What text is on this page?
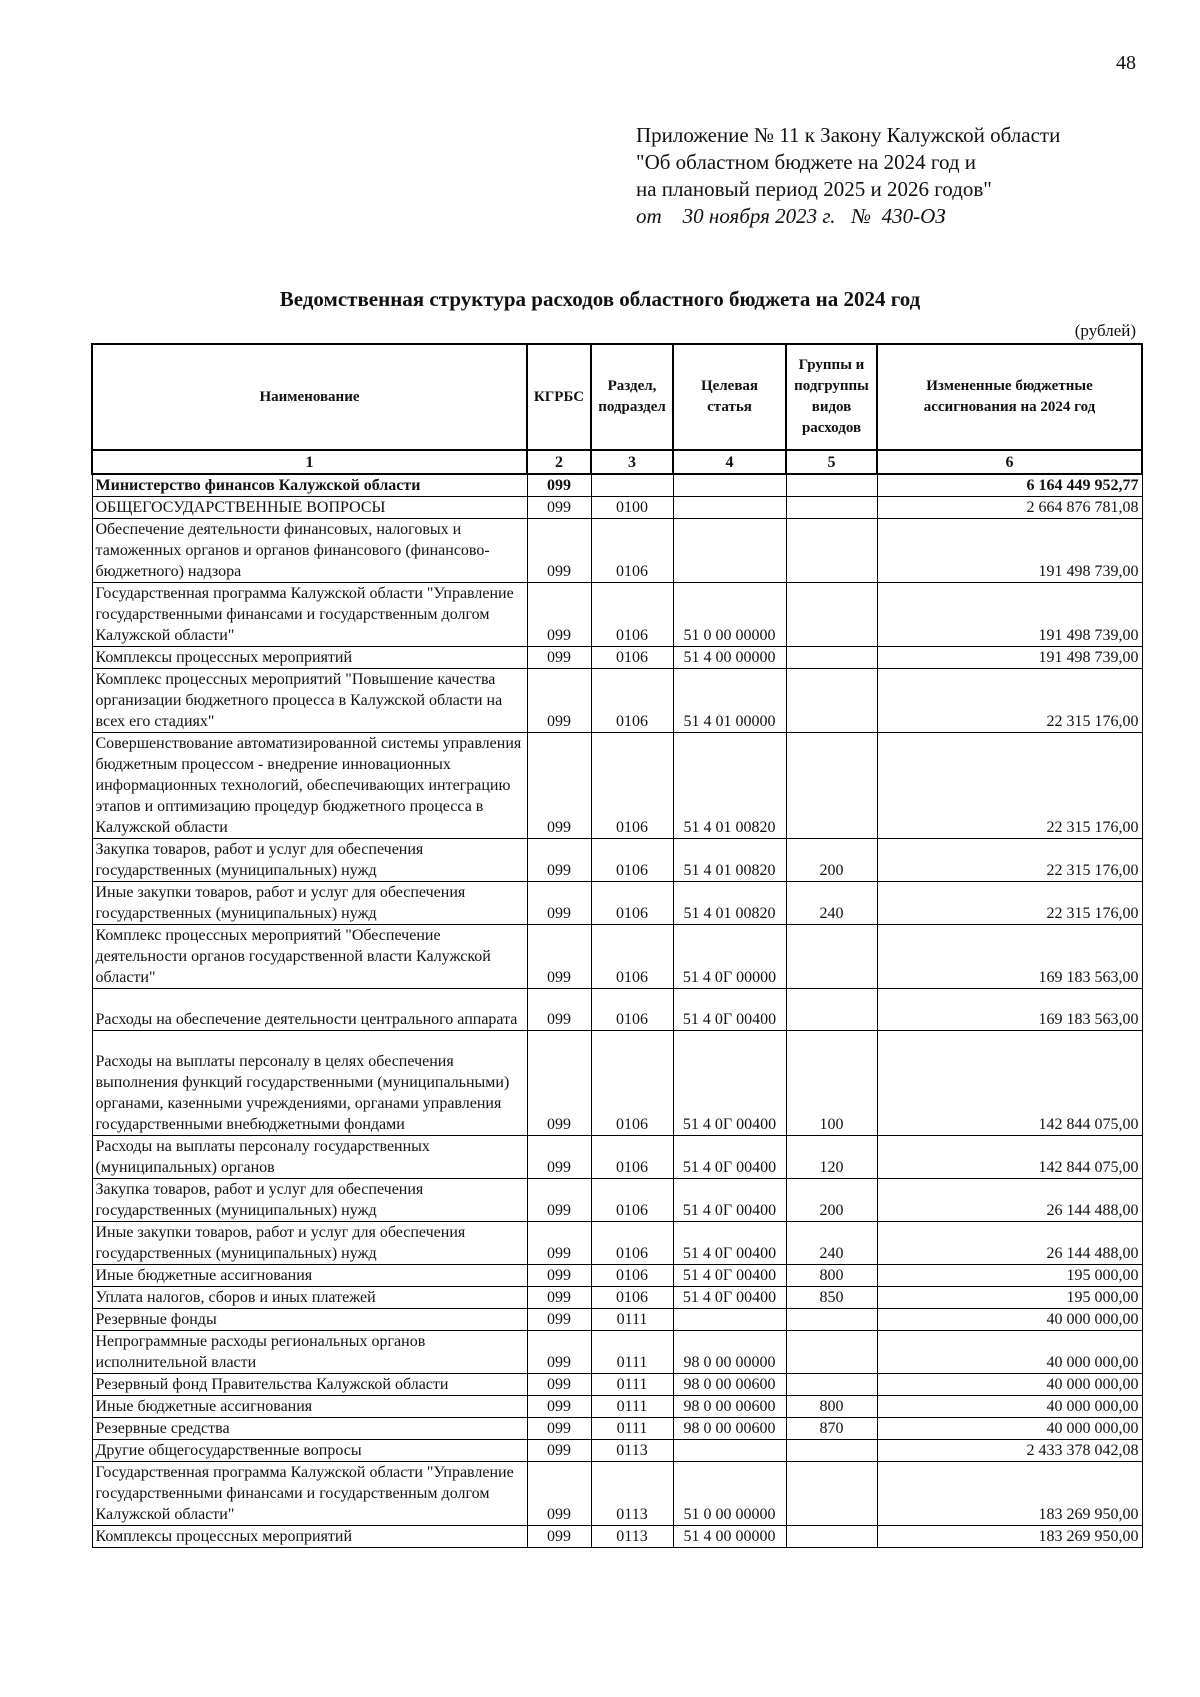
48
Приложение № 11 к Закону Калужской области
"Об областном бюджете на 2024 год и
на плановый период 2025 и 2026 годов"
от    30 ноября 2023 г.   №  430-ОЗ
Ведомственная структура расходов областного бюджета на 2024 год
(рублей)
Наименование	КГРБС	Раздел, подраздел	Целевая статья	Группы и подгруппы видов расходов	Измененные бюджетные ассигнования на 2024 год
1	2	3	4	5	6
Министерство финансов Калужской области	099				6 164 449 952,77
ОБЩЕГОСУДАРСТВЕННЫЕ ВОПРОСЫ	099	0100			2 664 876 781,08
Обеспечение деятельности финансовых, налоговых и таможенных органов и органов финансового (финансово-бюджетного) надзора	099	0106			191 498 739,00
Государственная программа Калужской области "Управление государственными финансами и государственным долгом Калужской области"	099	0106	51 0 00 00000		191 498 739,00
Комплексы процессных мероприятий	099	0106	51 4 00 00000		191 498 739,00
Комплекс процессных мероприятий "Повышение качества организации бюджетного процесса в Калужской области на всех его стадиях"	099	0106	51 4 01 00000		22 315 176,00
Совершенствование автоматизированной системы управления бюджетным процессом - внедрение инновационных информационных технологий, обеспечивающих интеграцию этапов и оптимизацию процедур бюджетного процесса в Калужской области	099	0106	51 4 01 00820		22 315 176,00
Закупка товаров, работ и услуг для обеспечения государственных (муниципальных) нужд	099	0106	51 4 01 00820	200	22 315 176,00
Иные закупки товаров, работ и услуг для обеспечения государственных (муниципальных) нужд	099	0106	51 4 01 00820	240	22 315 176,00
Комплекс процессных мероприятий "Обеспечение деятельности органов государственной власти Калужской области"	099	0106	51 4 0Г 00000		169 183 563,00
Расходы на обеспечение деятельности центрального аппарата	099	0106	51 4 0Г 00400		169 183 563,00
Расходы на выплаты персоналу в целях обеспечения выполнения функций государственными (муниципальными) органами, казенными учреждениями, органами управления государственными внебюджетными фондами	099	0106	51 4 0Г 00400	100	142 844 075,00
Расходы на выплаты персоналу государственных (муниципальных) органов	099	0106	51 4 0Г 00400	120	142 844 075,00
Закупка товаров, работ и услуг для обеспечения государственных (муниципальных) нужд	099	0106	51 4 0Г 00400	200	26 144 488,00
Иные закупки товаров, работ и услуг для обеспечения государственных (муниципальных) нужд	099	0106	51 4 0Г 00400	240	26 144 488,00
Иные бюджетные ассигнования	099	0106	51 4 0Г 00400	800	195 000,00
Уплата налогов, сборов и иных платежей	099	0106	51 4 0Г 00400	850	195 000,00
Резервные фонды	099	0111			40 000 000,00
Непрограммные расходы региональных органов исполнительной власти	099	0111	98 0 00 00000		40 000 000,00
Резервный фонд Правительства Калужской области	099	0111	98 0 00 00600		40 000 000,00
Иные бюджетные ассигнования	099	0111	98 0 00 00600	800	40 000 000,00
Резервные средства	099	0111	98 0 00 00600	870	40 000 000,00
Другие общегосударственные вопросы	099	0113			2 433 378 042,08
Государственная программа Калужской области "Управление государственными финансами и государственным долгом Калужской области"	099	0113	51 0 00 00000		183 269 950,00
Комплексы процессных мероприятий	099	0113	51 4 00 00000		183 269 950,00
